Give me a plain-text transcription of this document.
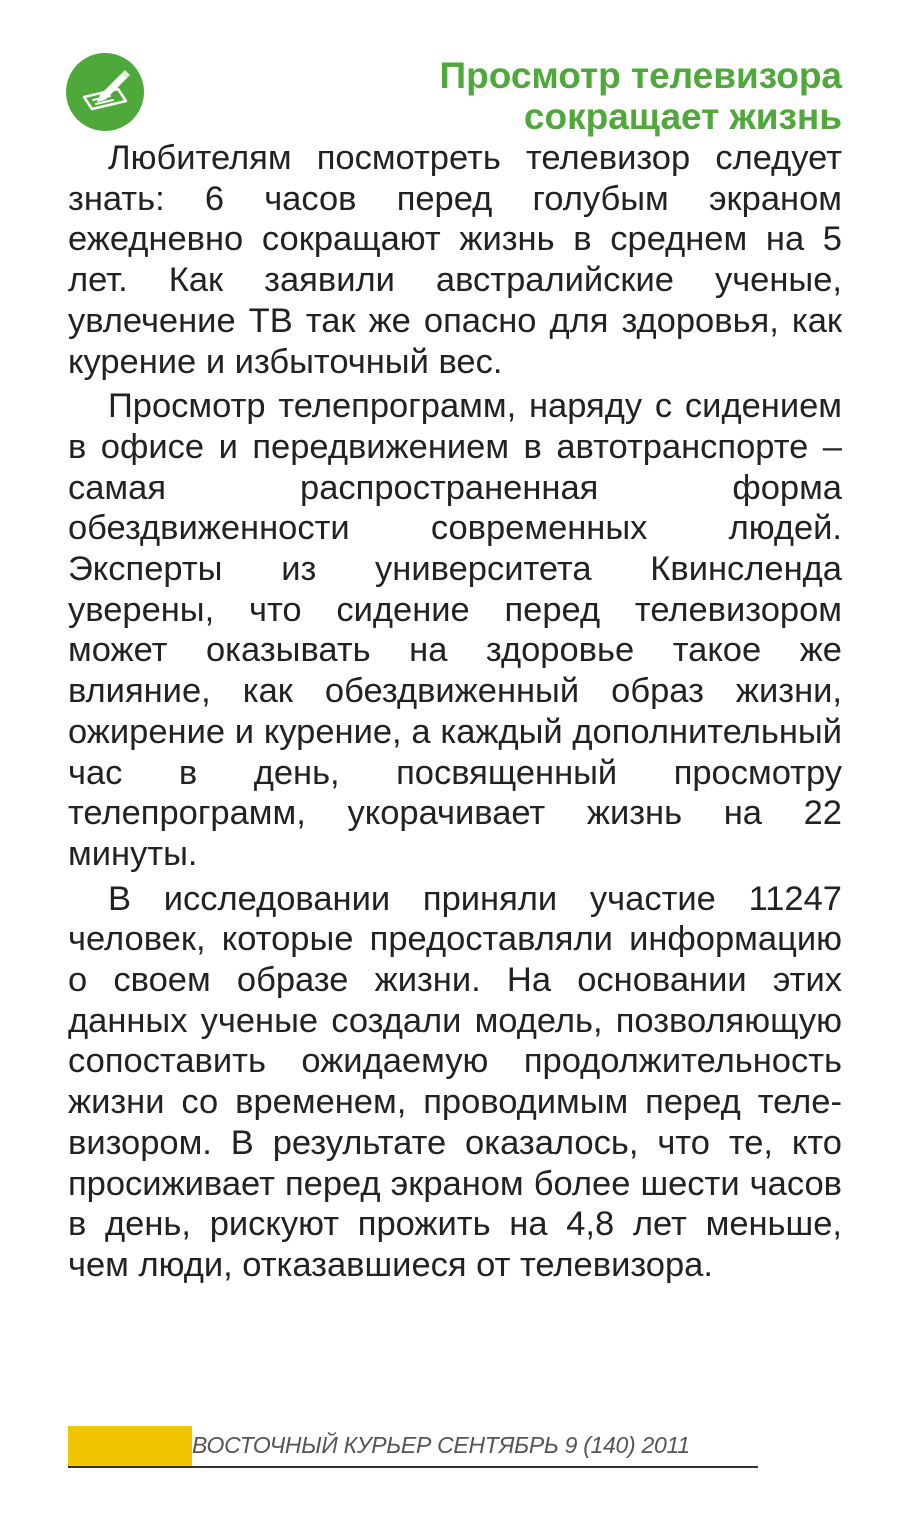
Просмотр телевизора
сокращает жизнь

Любителям посмотреть телевизор следует знать: 6 часов перед голубым экраном ежедневно сокращают жизнь в среднем на 5 лет. Как заявили австралийские ученые, увлечение ТВ так же опасно для здоровья, как курение и избыточный вес.

Просмотр телепрограмм, наряду с сидением в офисе и передвижением в автотранспорте – самая распространенная форма обездвиженности современных людей. Эксперты из университета Квинсленда уверены, что сидение перед телевизором может оказывать на здоровье такое же влияние, как обездвиженный образ жизни, ожирение и курение, а каждый дополнительный час в день, посвященный просмотру телепрограмм, укорачивает жизнь на 22 минуты.

В исследовании приняли участие 11247 человек, которые предоставляли информацию о своем образе жизни. На основании этих данных ученые создали модель, позволяющую сопоставить ожидаемую продолжительность жизни со временем, проводимым перед телевизором. В результате оказалось, что те, кто просиживает перед экраном более шести часов в день, рискуют прожить на 4,8 лет меньше, чем люди, отказавшиеся от телевизора.

ВОСТОЧНЫЙ КУРЬЕР СЕНТЯБРЬ 9 (140) 2011
